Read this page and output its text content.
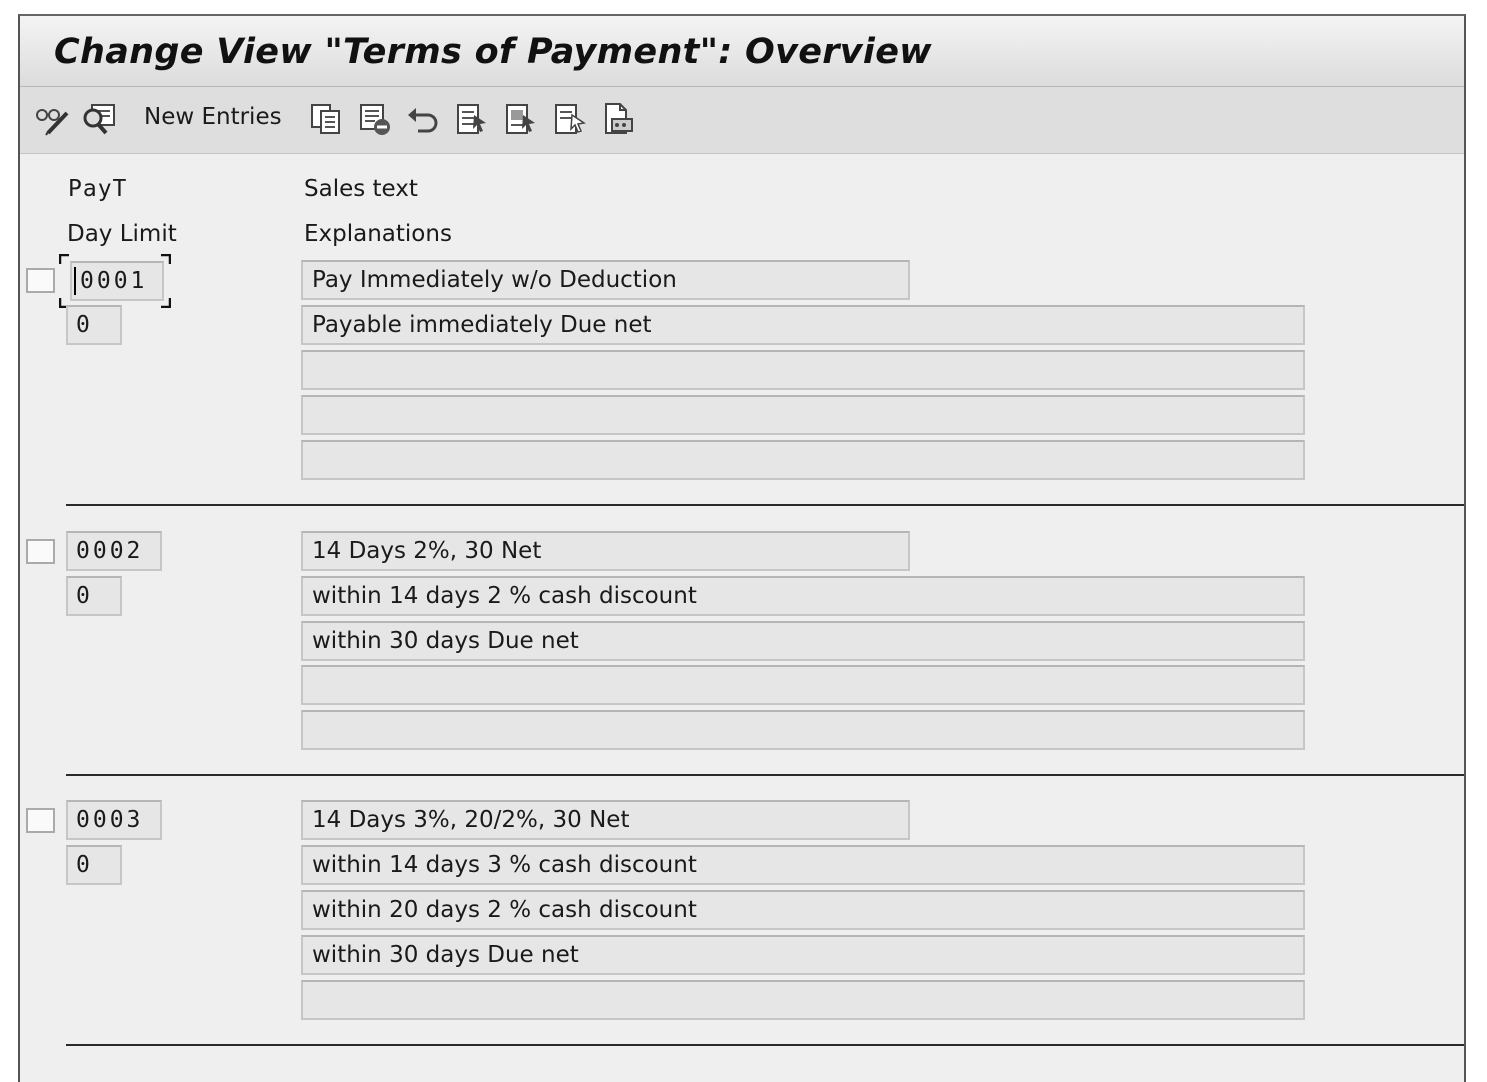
Change View "Terms of Payment": Overview
New Entries
PayT	Sales text
Day Limit	Explanations
0001
0
Pay Immediately w/o Deduction
Payable immediately Due net
0002
0
14 Days 2%, 30 Net
within 14 days 2 % cash discount
within 30 days Due net
0003
0
14 Days 3%, 20/2%, 30 Net
within 14 days 3 % cash discount
within 20 days 2 % cash discount
within 30 days Due net
